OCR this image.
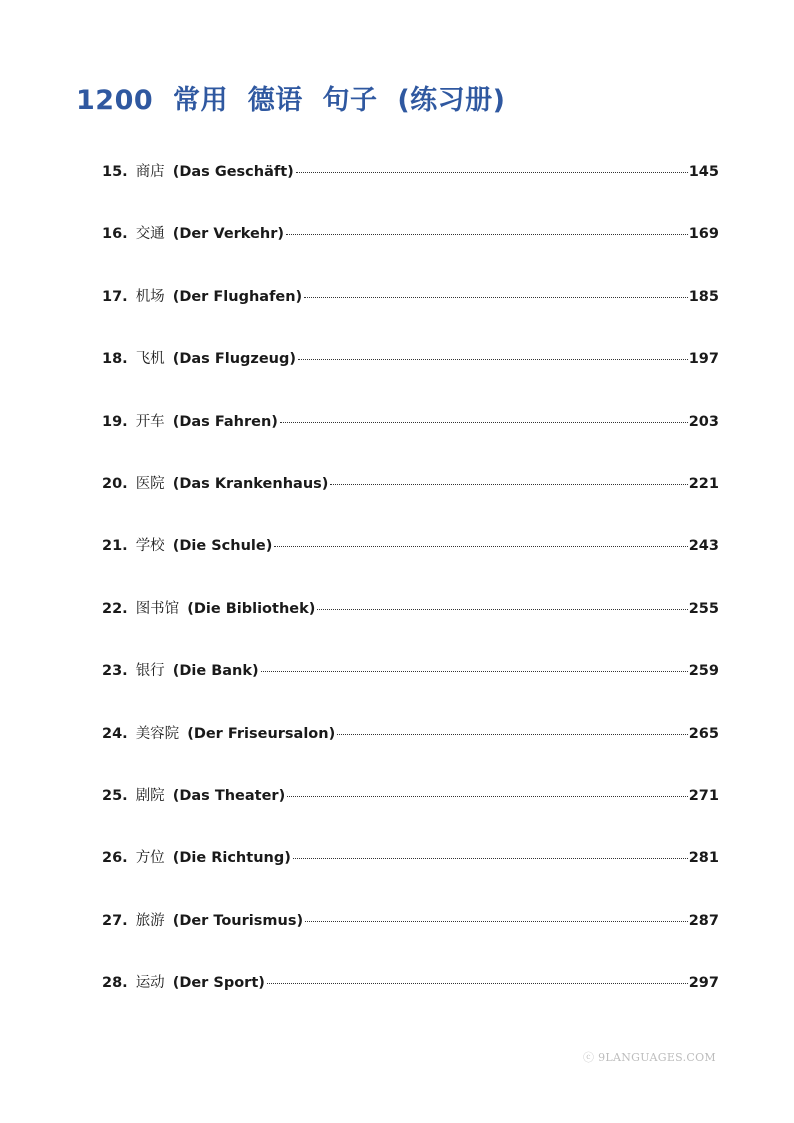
1200  常用  德语  句子  (练习册)
15. 商店 (Das Geschäft)	145
16. 交通 (Der Verkehr)	169
17. 机场 (Der Flughafen)	185
18. 飞机 (Das Flugzeug)	197
19. 开车 (Das Fahren)	203
20. 医院 (Das Krankenhaus)	221
21. 学校 (Die Schule)	243
22. 图书馆 (Die Bibliothek)	255
23. 银行 (Die Bank)	259
24. 美容院 (Der Friseursalon)	265
25. 剧院 (Das Theater)	271
26. 方位 (Die Richtung)	281
27. 旅游 (Der Tourismus)	287
28. 运动 (Der Sport)	297
ⓒ 9LANGUAGES.COM
